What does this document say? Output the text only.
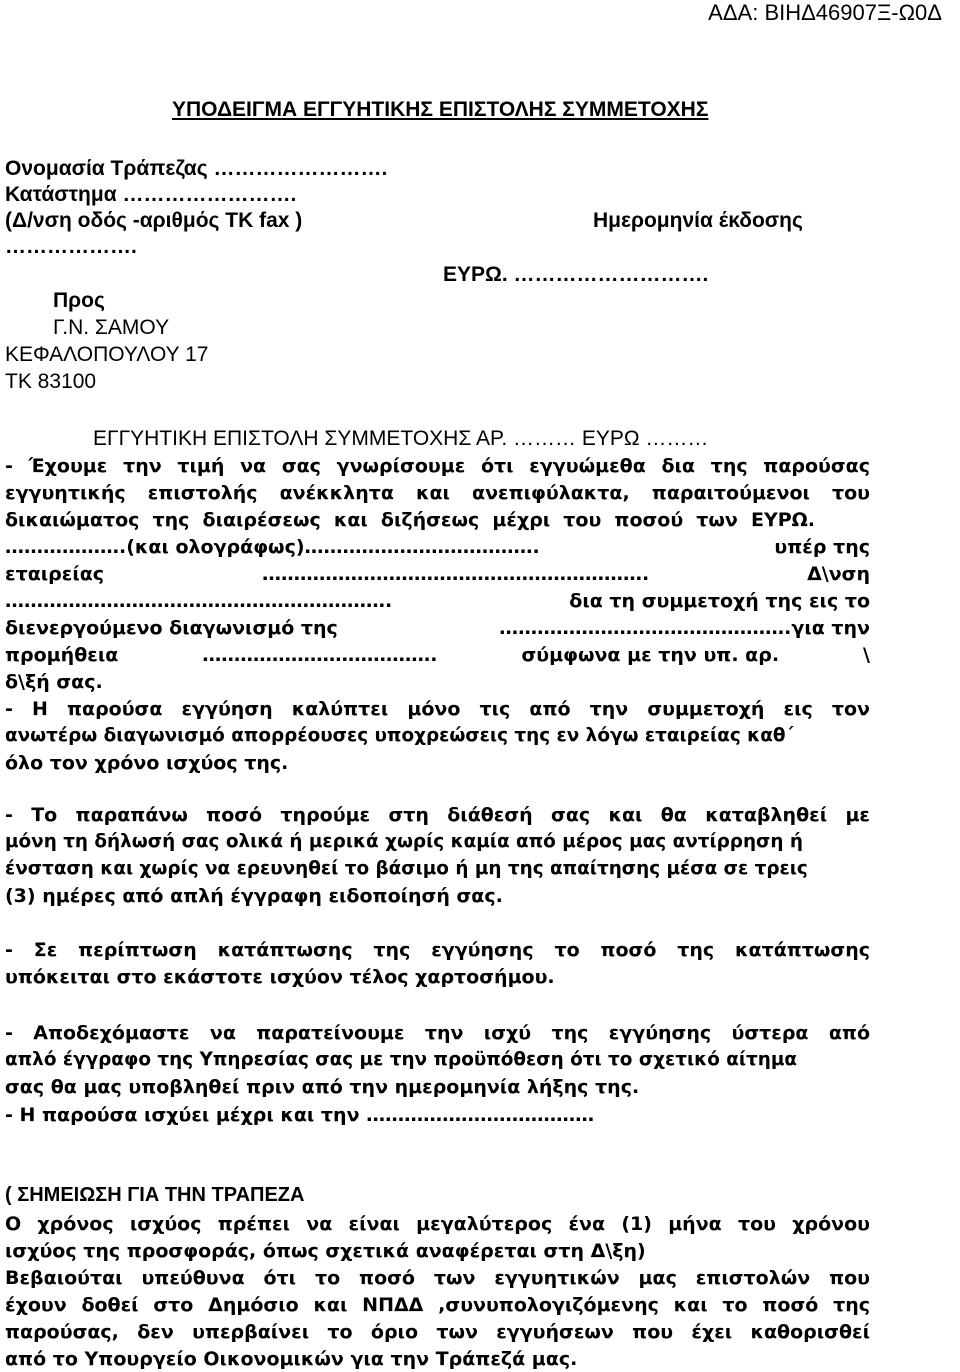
ΑΔΑ: ΒΙΗΔ46907Ξ-Ω0Δ
ΥΠΟΔΕΙΓΜΑ ΕΓΓΥΗΤΙΚΗΣ ΕΠΙΣΤΟΛΗΣ ΣΥΜΜΕΤΟΧΗΣ
Ονομασία Τράπεζας …………………….
Κατάστημα …………………….
(Δ/νση οδός -αριθμός ΤΚ fax )	Ημερομηνία έκδοσης
……………….
ΕΥΡΩ. ……………………….
Προς
Γ.Ν. ΣΑΜΟΥ
ΚΕΦΑΛΟΠΟΥΛΟΥ 17
ΤΚ 83100
ΕΓΓΥΗΤΙΚΗ ΕΠΙΣΤΟΛΗ ΣΥΜΜΕΤΟΧΗΣ ΑΡ. ……… ΕΥΡΩ ………
- Έχουμε την τιμή να σας γνωρίσουμε ότι εγγυώμεθα δια της παρούσας
εγγυητικής επιστολής ανέκκλητα και ανεπιφύλακτα, παραιτούμενοι του
δικαιώματος της διαιρέσεως και διζήσεως μέχρι του ποσού των ΕΥΡΩ.
……………….(και ολογράφως)……………………………….	υπέρ της
εταιρείας	…………………………………………………….	Δ\νση
…………………………………………………….	δια τη συμμετοχή της εις το
διενεργούμενο διαγωνισμό της	……………………………………….για την
προμήθεια	……………………………….	σύμφωνα με την υπ. αρ.	\
δ\ξή σας.
- Η παρούσα εγγύηση καλύπτει μόνο τις από την συμμετοχή εις τον
ανωτέρω διαγωνισμό απορρέουσες υποχρεώσεις της εν λόγω εταιρείας καθ΄
όλο τον χρόνο ισχύος της.
- Το παραπάνω ποσό τηρούμε στη διάθεσή σας και θα καταβληθεί με
μόνη τη δήλωσή σας ολικά ή μερικά χωρίς καμία από μέρος μας αντίρρηση ή
ένσταση και χωρίς να ερευνηθεί το βάσιμο ή μη της απαίτησης μέσα σε τρεις
(3) ημέρες από απλή έγγραφη ειδοποίησή σας.
- Σε περίπτωση κατάπτωσης της εγγύησης το ποσό της κατάπτωσης
υπόκειται στο εκάστοτε ισχύον τέλος χαρτοσήμου.
- Αποδεχόμαστε να παρατείνουμε την ισχύ της εγγύησης ύστερα από
απλό έγγραφο της Υπηρεσίας σας με την προϋπόθεση ότι το σχετικό αίτημα
σας θα μας υποβληθεί πριν από την ημερομηνία λήξης της.
- Η παρούσα ισχύει μέχρι και την ………………………………
( ΣΗΜΕΙΩΣΗ ΓΙΑ ΤΗΝ ΤΡΑΠΕΖΑ
Ο χρόνος ισχύος πρέπει να είναι μεγαλύτερος ένα (1) μήνα του χρόνου
ισχύος της προσφοράς, όπως σχετικά αναφέρεται στη Δ\ξη)
Βεβαιούται υπεύθυνα ότι το ποσό των εγγυητικών μας επιστολών που
έχουν δοθεί στο Δημόσιο και ΝΠΔΔ ,συνυπολογιζόμενης και το ποσό της
παρούσας, δεν υπερβαίνει το όριο των εγγυήσεων που έχει καθορισθεί
από το Υπουργείο Οικονομικών για την Τράπεζά μας.
